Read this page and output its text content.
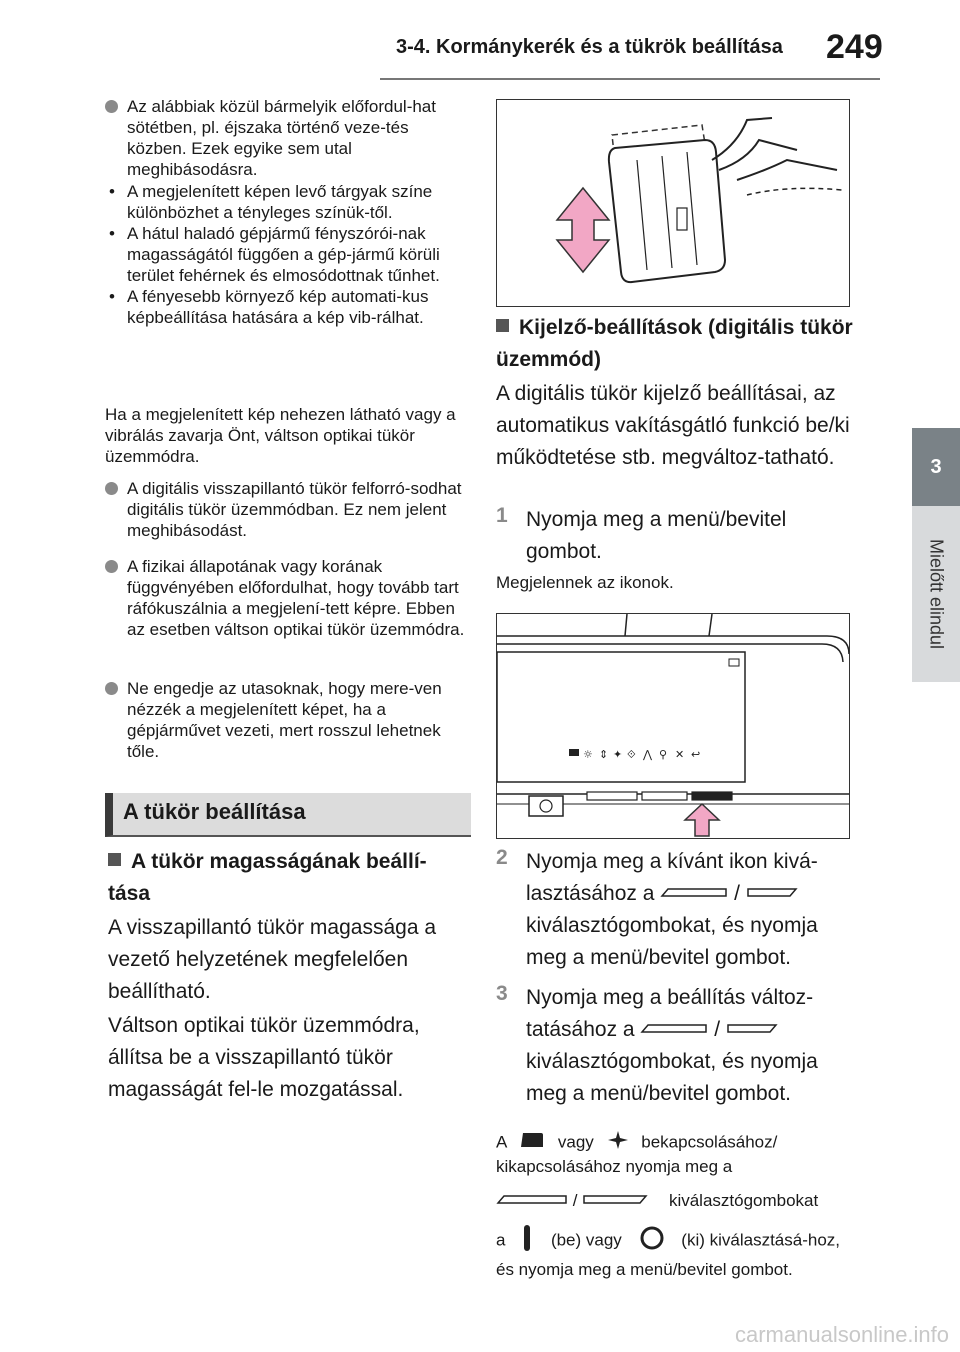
3-4. Kormánykerék és a tükrök beállítása 249
3
Mielőtt elindul
Az alábbiak közül bármelyik előfordul-hat sötétben, pl. éjszaka történő veze-tés közben. Ezek egyike sem utal meghibásodásra.
• A megjelenített képen levő tárgyak színe különbözhet a tényleges színük-től.
• A hátul haladó gépjármű fényszórói-nak magasságától függően a gép-jármű körüli terület fehérnek és elmosódottnak tűnhet.
• A fényesebb környező kép automati-kus képbeállítása hatására a kép vib-rálhat.
Ha a megjelenített kép nehezen látható vagy a vibrálás zavarja Önt, váltson optikai tükör üzemmódra.
A digitális visszapillantó tükör felforró-sodhat digitális tükör üzemmódban. Ez nem jelent meghibásodást.
A fizikai állapotának vagy korának függvényében előfordulhat, hogy tovább tart ráfókuszálnia a megjelení-tett képre. Ebben az esetben váltson optikai tükör üzemmódra.
Ne engedje az utasoknak, hogy mere-ven nézzék a megjelenített képet, ha a gépjárművet vezeti, mert rosszul lehetnek tőle.
A tükör beállítása
A tükör magasságának beállí-tása
A visszapillantó tükör magassága a vezető helyzetének megfelelően beállítható.
Váltson optikai tükör üzemmódra, állítsa be a visszapillantó tükör magasságát fel-le mozgatással.
Kijelző-beállítások (digitális tükör üzemmód)
A digitális tükör kijelző beállításai, az automatikus vakításgátló funkció be/ki működtetése stb. megváltoz-tatható.
1 Nyomja meg a menü/bevitel gombot.
Megjelennek az ikonok.
☼ ⇕ ✦ ⟐ ⋀ ⚲ ✕ ↩
2 Nyomja meg a kívánt ikon kivá-lasztásához a	/  kiválasztógombokat, és nyomja meg a menü/bevitel gombot.
3 Nyomja meg a beállítás változ-tatásához a	/  kiválasztógombokat, és nyomja meg a menü/bevitel gombot.
A	vagy	bekapcsolásához/ kikapcsolásához nyomja meg a
/	kiválasztógombokat
a	(be) vagy	(ki) kiválasztásá-hoz, és nyomja meg a menü/bevitel gombot.
carmanualsonline.info
